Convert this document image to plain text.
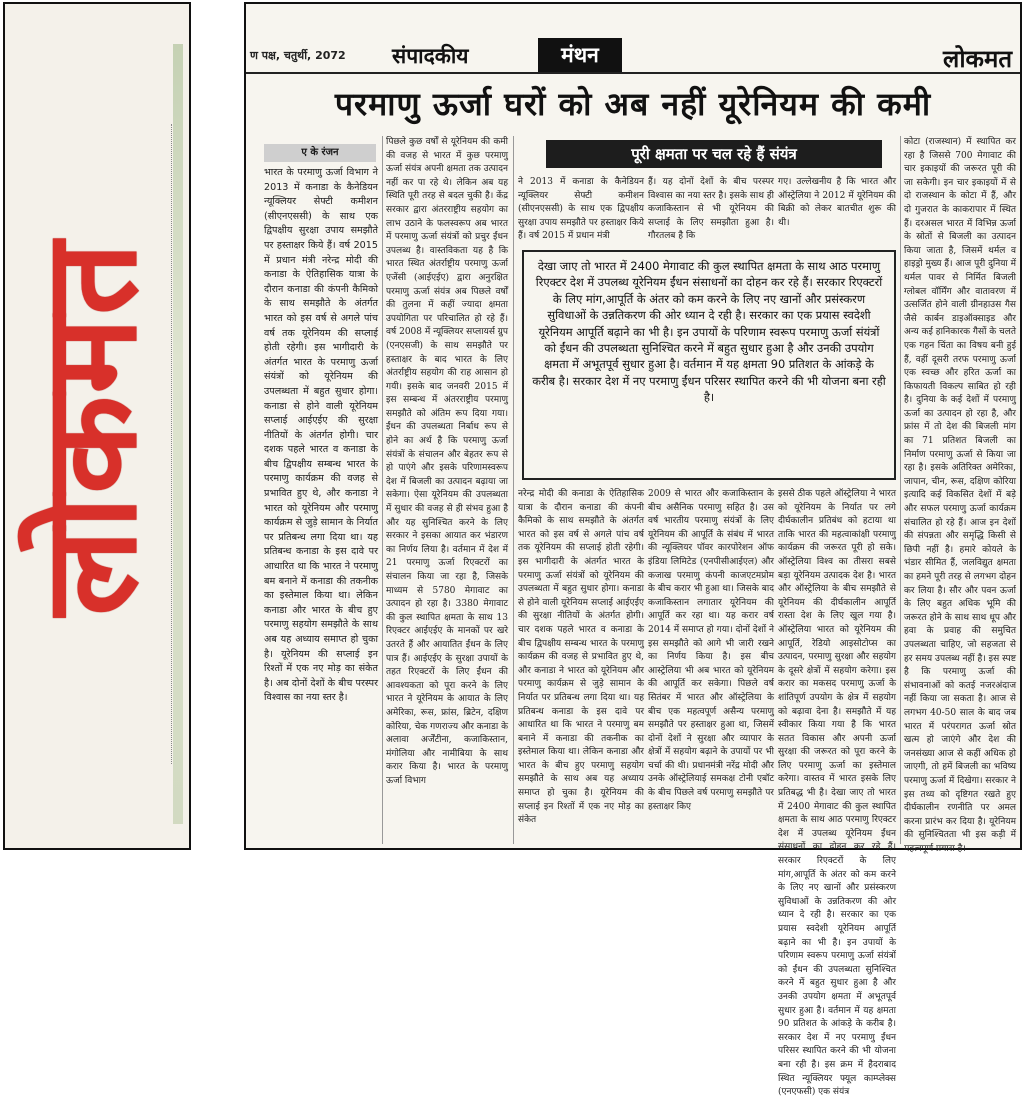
लोकमत
ण पक्ष, चतुर्थी, 2072 संपादकीय	मंथन	लोकमत
परमाणु ऊर्जा घरों को अब नहीं यूरेनियम की कमी
ए के रंजन
भारत के परमाणु ऊर्जा विभाग ने 2013 में कनाडा के कैनेडियन न्यूक्लियर सेफ्टी कमीशन (सीएनएससी) के साथ एक द्विपक्षीय सुरक्षा उपाय समझौते पर हस्ताक्षर किये हैं। वर्ष 2015 में प्रधान मंत्री नरेन्द्र मोदी की कनाडा के ऐतिहासिक यात्रा के दौरान कनाडा की कंपनी कैमिको के साथ समझौते के अंतर्गत भारत को इस वर्ष से अगले पांच वर्ष तक यूरेनियम की सप्लाई होती रहेगी। इस भागीदारी के अंतर्गत भारत के परमाणु ऊर्जा संयंत्रों को यूरेनियम की उपलब्धता में बहुत सुधार होगा। कनाडा से होने वाली यूरेनियम सप्लाई आईएईए की सुरक्षा नीतियों के अंतर्गत होगी। चार दशक पहले भारत व कनाडा के बीच द्विपक्षीय सम्बन्ध भारत के परमाणु कार्यक्रम की वजह से प्रभावित हुए थे, और कनाडा ने भारत को यूरेनियम और परमाणु कार्यक्रम से जुड़े सामान के निर्यात पर प्रतिबन्ध लगा दिया था। यह प्रतिबन्ध कनाडा के इस दावे पर आधारित था कि भारत ने परमाणु बम बनाने में कनाडा की तकनीक का इस्तेमाल किया था। लेकिन कनाडा और भारत के बीच हुए परमाणु सहयोग समझौते के साथ अब यह अध्याय समाप्त हो चुका है। यूरेनियम की सप्लाई इन रिश्तों में एक नए मोड़ का संकेत है। अब दोनों देशों के बीच परस्पर विश्वास का नया स्तर है।
पिछले कुछ वर्षों से यूरेनियम की कमी की वजह से भारत में कुछ परमाणु ऊर्जा संयंत्र अपनी क्षमता तक उत्पादन नहीं कर पा रहे थे। लेकिन अब यह स्थिति पूरी तरह से बदल चुकी है। केंद्र सरकार द्वारा अंतरराष्ट्रीय सहयोग का लाभ उठाने के फलस्वरूप अब भारत में परमाणु ऊर्जा संयंत्रों को प्रचुर ईंधन उपलब्ध है। वास्तविकता यह है कि भारत स्थित अंतर्राष्ट्रीय परमाणु ऊर्जा एजेंसी (आईएईए) द्वारा अनुरक्षित परमाणु ऊर्जा संयंत्र अब पिछले वर्षों की तुलना में कहीं ज्यादा क्षमता उपयोगिता पर परिचालित हो रहे हैं। वर्ष 2008 में न्यूक्लियर सप्लायर्स ग्रुप (एनएसजी) के साथ समझौते पर हस्ताक्षर के बाद भारत के लिए अंतर्राष्ट्रीय सहयोग की राह आसान हो गयी। इसके बाद जनवरी 2015 में इस सम्बन्ध में अंतरराष्ट्रीय परमाणु समझौते को अंतिम रूप दिया गया। ईंधन की उपलब्धता निर्बाध रूप से होने का अर्थ है कि परमाणु ऊर्जा संयंत्रों के संचालन और बेहतर रूप से हो पाएंगे और इसके परिणामस्वरूप देश में बिजली का उत्पादन बढ़ाया जा सकेगा। ऐसा यूरेनियम की उपलब्धता में सुधार की वजह से ही संभव हुआ है और यह सुनिश्चित करने के लिए सरकार ने इसका आयात कर भंडारण का निर्णय लिया है। वर्तमान में देश में 21 परमाणु ऊर्जा रिएक्टरों का संचालन किया जा रहा है, जिसके माध्यम से 5780 मेगावाट का उत्पादन हो रहा है। 3380 मेगावाट की कुल स्थापित क्षमता के साथ 13 रिएक्टर आईएईए के मानकों पर खरे उतरते हैं और आयातित ईंधन के लिए पात्र हैं। आईएईए के सुरक्षा उपायों के तहत रिएक्टरों के लिए ईंधन की आवश्यकता को पूरा करने के लिए भारत ने यूरेनियम के आयात के लिए अमेरिका, रूस, फ्रांस, ब्रिटेन, दक्षिण कोरिया, चेक गणराज्य और कनाडा के अलावा अर्जेंटीना, कजाकिस्तान, मंगोलिया और नामीबिया के साथ करार किया है। भारत के परमाणु ऊर्जा विभाग
पूरी क्षमता पर चल रहे हैं संयंत्र
ने 2013 में कनाडा के कैनेडियन न्यूक्लियर सेफ्टी कमीशन (सीएनएससी) के साथ एक द्विपक्षीय सुरक्षा उपाय समझौते पर हस्ताक्षर किये हैं। वर्ष 2015 में प्रधान मंत्री
हैं। यह दोनों देशों के बीच परस्पर विश्वास का नया स्तर है। इसके साथ ही कजाकिस्तान से भी यूरेनियम की सप्लाई के लिए समझौता हुआ है। गौरतलब है कि
गए। उल्लेखनीय है कि भारत और ऑस्ट्रेलिया ने 2012 में यूरेनियम की बिक्री को लेकर बातचीत शुरू की थी।
देखा जाए तो भारत में 2400 मेगावाट की कुल स्थापित क्षमता के साथ आठ परमाणु रिएक्टर देश में उपलब्ध यूरेनियम ईंधन संसाधनों का दोहन कर रहे हैं। सरकार रिएक्टरों के लिए मांग,आपूर्ति के अंतर को कम करने के लिए नए खानों और प्रसंस्करण सुविधाओं के उन्नतिकरण की ओर ध्यान दे रही है। सरकार का एक प्रयास स्वदेशी यूरेनियम आपूर्ति बढ़ाने का भी है। इन उपायों के परिणाम स्वरूप परमाणु ऊर्जा संयंत्रों को ईंधन की उपलब्धता सुनिश्चित करने में बहुत सुधार हुआ है और उनकी उपयोग क्षमता में अभूतपूर्व सुधार हुआ है। वर्तमान में यह क्षमता 90 प्रतिशत के आंकड़े के करीब है। सरकार देश में नए परमाणु ईंधन परिसर स्थापित करने की भी योजना बना रही है।
नरेन्द्र मोदी की कनाडा के ऐतिहासिक यात्रा के दौरान कनाडा की कंपनी कैमिको के साथ समझौते के अंतर्गत भारत को इस वर्ष से अगले पांच वर्ष तक यूरेनियम की सप्लाई होती रहेगी। इस भागीदारी के अंतर्गत भारत के परमाणु ऊर्जा संयंत्रों को यूरेनियम की उपलब्धता में बहुत सुधार होगा। कनाडा से होने वाली यूरेनियम सप्लाई आईएईए की सुरक्षा नीतियों के अंतर्गत होगी। चार दशक पहले भारत व कनाडा के बीच द्विपक्षीय सम्बन्ध भारत के परमाणु कार्यक्रम की वजह से प्रभावित हुए थे, और कनाडा ने भारत को यूरेनियम और परमाणु कार्यक्रम से जुड़े सामान के निर्यात पर प्रतिबन्ध लगा दिया था। यह प्रतिबन्ध कनाडा के इस दावे पर आधारित था कि भारत ने परमाणु बम बनाने में कनाडा की तकनीक का इस्तेमाल किया था। लेकिन कनाडा और भारत के बीच हुए परमाणु सहयोग समझौते के साथ अब यह अध्याय समाप्त हो चुका है। यूरेनियम की सप्लाई इन रिश्तों में एक नए मोड़ का संकेत
2009 से भारत और कजाकिस्तान के बीच असैनिक परमाणु सहित है। उस वर्ष भारतीय परमाणु संयंत्रों के लिए यूरेनियम की आपूर्ति के संबंध में भारत की न्यूक्लियर पॉवर कारपोरेशन ऑफ इंडिया लिमिटेड (एनपीसीआईएल) और कजाख परमाणु कंपनी काजएटमप्रोम के बीच करार भी हुआ था। जिसके बाद कजाकिस्तान लगातार यूरेनियम की आपूर्ति कर रहा था। यह करार वर्ष 2014 में समाप्त हो गया। दोनों देशों ने इस समझौते को आगे भी जारी रखने का निर्णय किया है। इस बीच आस्ट्रेलिया भी अब भारत को यूरेनियम की आपूर्ति कर सकेगा। पिछले वर्ष सितंबर में भारत और ऑस्ट्रेलिया के बीच एक महत्वपूर्ण असैन्य परमाणु समझौते पर हस्ताक्षर हुआ था, जिसमें दोनों देशों ने सुरक्षा और व्यापार के क्षेत्रों में सहयोग बढ़ाने के उपायों पर भी चर्चा की थी। प्रधानमंत्री नरेंद्र मोदी और उनके ऑस्ट्रेलियाई समकक्ष टोनी एबॉट के बीच पिछले वर्ष परमाणु समझौते पर हस्ताक्षर किए
इससे ठीक पहले ऑस्ट्रेलिया ने भारत को यूरेनियम के निर्यात पर लगे दीर्घकालीन प्रतिबंध को हटाया था ताकि भारत की महत्वाकांक्षी परमाणु कार्यक्रम की जरूरत पूरी हो सके। ऑस्ट्रेलिया विश्व का तीसरा सबसे बड़ा यूरेनियम उत्पादक देश है। भारत और ऑस्ट्रेलिया के बीच समझौते से यूरेनियम की दीर्घकालीन आपूर्ति रास्ता देश के लिए खुल गया है। ऑस्ट्रेलिया भारत को यूरेनियम की आपूर्ति, रेडियो आइसोटोप्स का उत्पादन, परमाणु सुरक्षा और सहयोग के दूसरे क्षेत्रों में सहयोग करेगा। इस करार का मकसद परमाणु ऊर्जा के शांतिपूर्ण उपयोग के क्षेत्र में सहयोग को बढ़ावा देना है। समझौते में यह स्वीकार किया गया है कि भारत सतत विकास और अपनी ऊर्जा सुरक्षा की जरूरत को पूरा करने के लिए परमाणु ऊर्जा का इस्तेमाल करेगा। वास्तव में भारत इसके लिए प्रतिबद्ध भी है। देखा जाए तो भारत में 2400 मेगावाट की कुल स्थापित क्षमता के साथ आठ परमाणु रिएक्टर देश में उपलब्ध यूरेनियम ईंधन संसाधनों का दोहन कर रहे हैं। सरकार रिएक्टरों के लिए मांग,आपूर्ति के अंतर को कम करने के लिए नए खानों और प्रसंस्करण सुविधाओं के उन्नतिकरण की ओर ध्यान दे रही है। सरकार का एक प्रयास स्वदेशी यूरेनियम आपूर्ति बढ़ाने का भी है। इन उपायों के परिणाम स्वरूप परमाणु ऊर्जा संयंत्रों को ईंधन की उपलब्धता सुनिश्चित करने में बहुत सुधार हुआ है और उनकी उपयोग क्षमता में अभूतपूर्व सुधार हुआ है। वर्तमान में यह क्षमता 90 प्रतिशत के आंकड़े के करीब है। सरकार देश में नए परमाणु ईंधन परिसर स्थापित करने की भी योजना बना रही है। इस क्रम में हैदराबाद स्थित न्यूक्लियर फ्यूल काम्प्लेक्स (एनएफसी) एक संयंत्र
कोटा (राजस्थान) में स्थापित कर रहा है जिससे 700 मेगावाट की चार इकाइयों की जरूरत पूरी की जा सकेगी। इन चार इकाइयों में से दो राजस्थान के कोटा में हैं, और दो गुजरात के काकरापार में स्थित हैं। दरअसल भारत में विभिन्न ऊर्जा के स्रोतों से बिजली का उत्पादन किया जाता है, जिसमें थर्मल व हाइड्रो मुख्य हैं। आज पूरी दुनिया में थर्मल पावर से निर्मित बिजली ग्लोबल वॉर्मिंग और वातावरण में उत्सर्जित होने वाली ग्रीनहाउस गैस जैसे कार्बन डाइऑक्साइड और अन्य कई हानिकारक गैसों के चलते एक गहन चिंता का विषय बनी हुई हैं, वहीं दूसरी तरफ परमाणु ऊर्जा एक स्वच्छ और हरित ऊर्जा का किफायती विकल्प साबित हो रही है। दुनिया के कई देशों में परमाणु ऊर्जा का उत्पादन हो रहा है, और फ्रांस में तो देश की बिजली मांग का 71 प्रतिशत बिजली का निर्माण परमाणु ऊर्जा से किया जा रहा है। इसके अतिरिक्त अमेरिका, जापान, चीन, रूस, दक्षिण कोरिया इत्यादि कई विकसित देशों में बड़े और सफल परमाणु ऊर्जा कार्यक्रम संचालित हो रहे हैं। आज इन देशों की संपन्नता और समृद्धि किसी से छिपी नहीं है। हमारे कोयले के भंडार सीमित हैं, जलविद्युत क्षमता का हमने पूरी तरह से लगभग दोहन कर लिया है। सौर और पवन ऊर्जा के लिए बहुत अधिक भूमि की जरूरत होने के साथ साथ धूप और हवा के प्रवाह की समुचित उपलब्धता चाहिए, जो सहजता से हर समय उपलब्ध नहीं है। इस स्पष्ट है कि परमाणु ऊर्जा की संभावनाओं को कतई नजरअंदाज नहीं किया जा सकता है। आज से लगभग 40-50 साल के बाद जब भारत में परंपरागत ऊर्जा स्रोत खत्म हो जाएंगे और देश की जनसंख्या आज से कहीं अधिक हो जाएगी, तो हमें बिजली का भविष्य परमाणु ऊर्जा में दिखेगा। सरकार ने इस तथ्य को दृष्टिगत रखते हुए दीर्घकालीन रणनीति पर अमल करना प्रारंभ कर दिया है। यूरेनियम की सुनिश्चितता भी इस कड़ी में महत्वपूर्ण प्रयास है।
